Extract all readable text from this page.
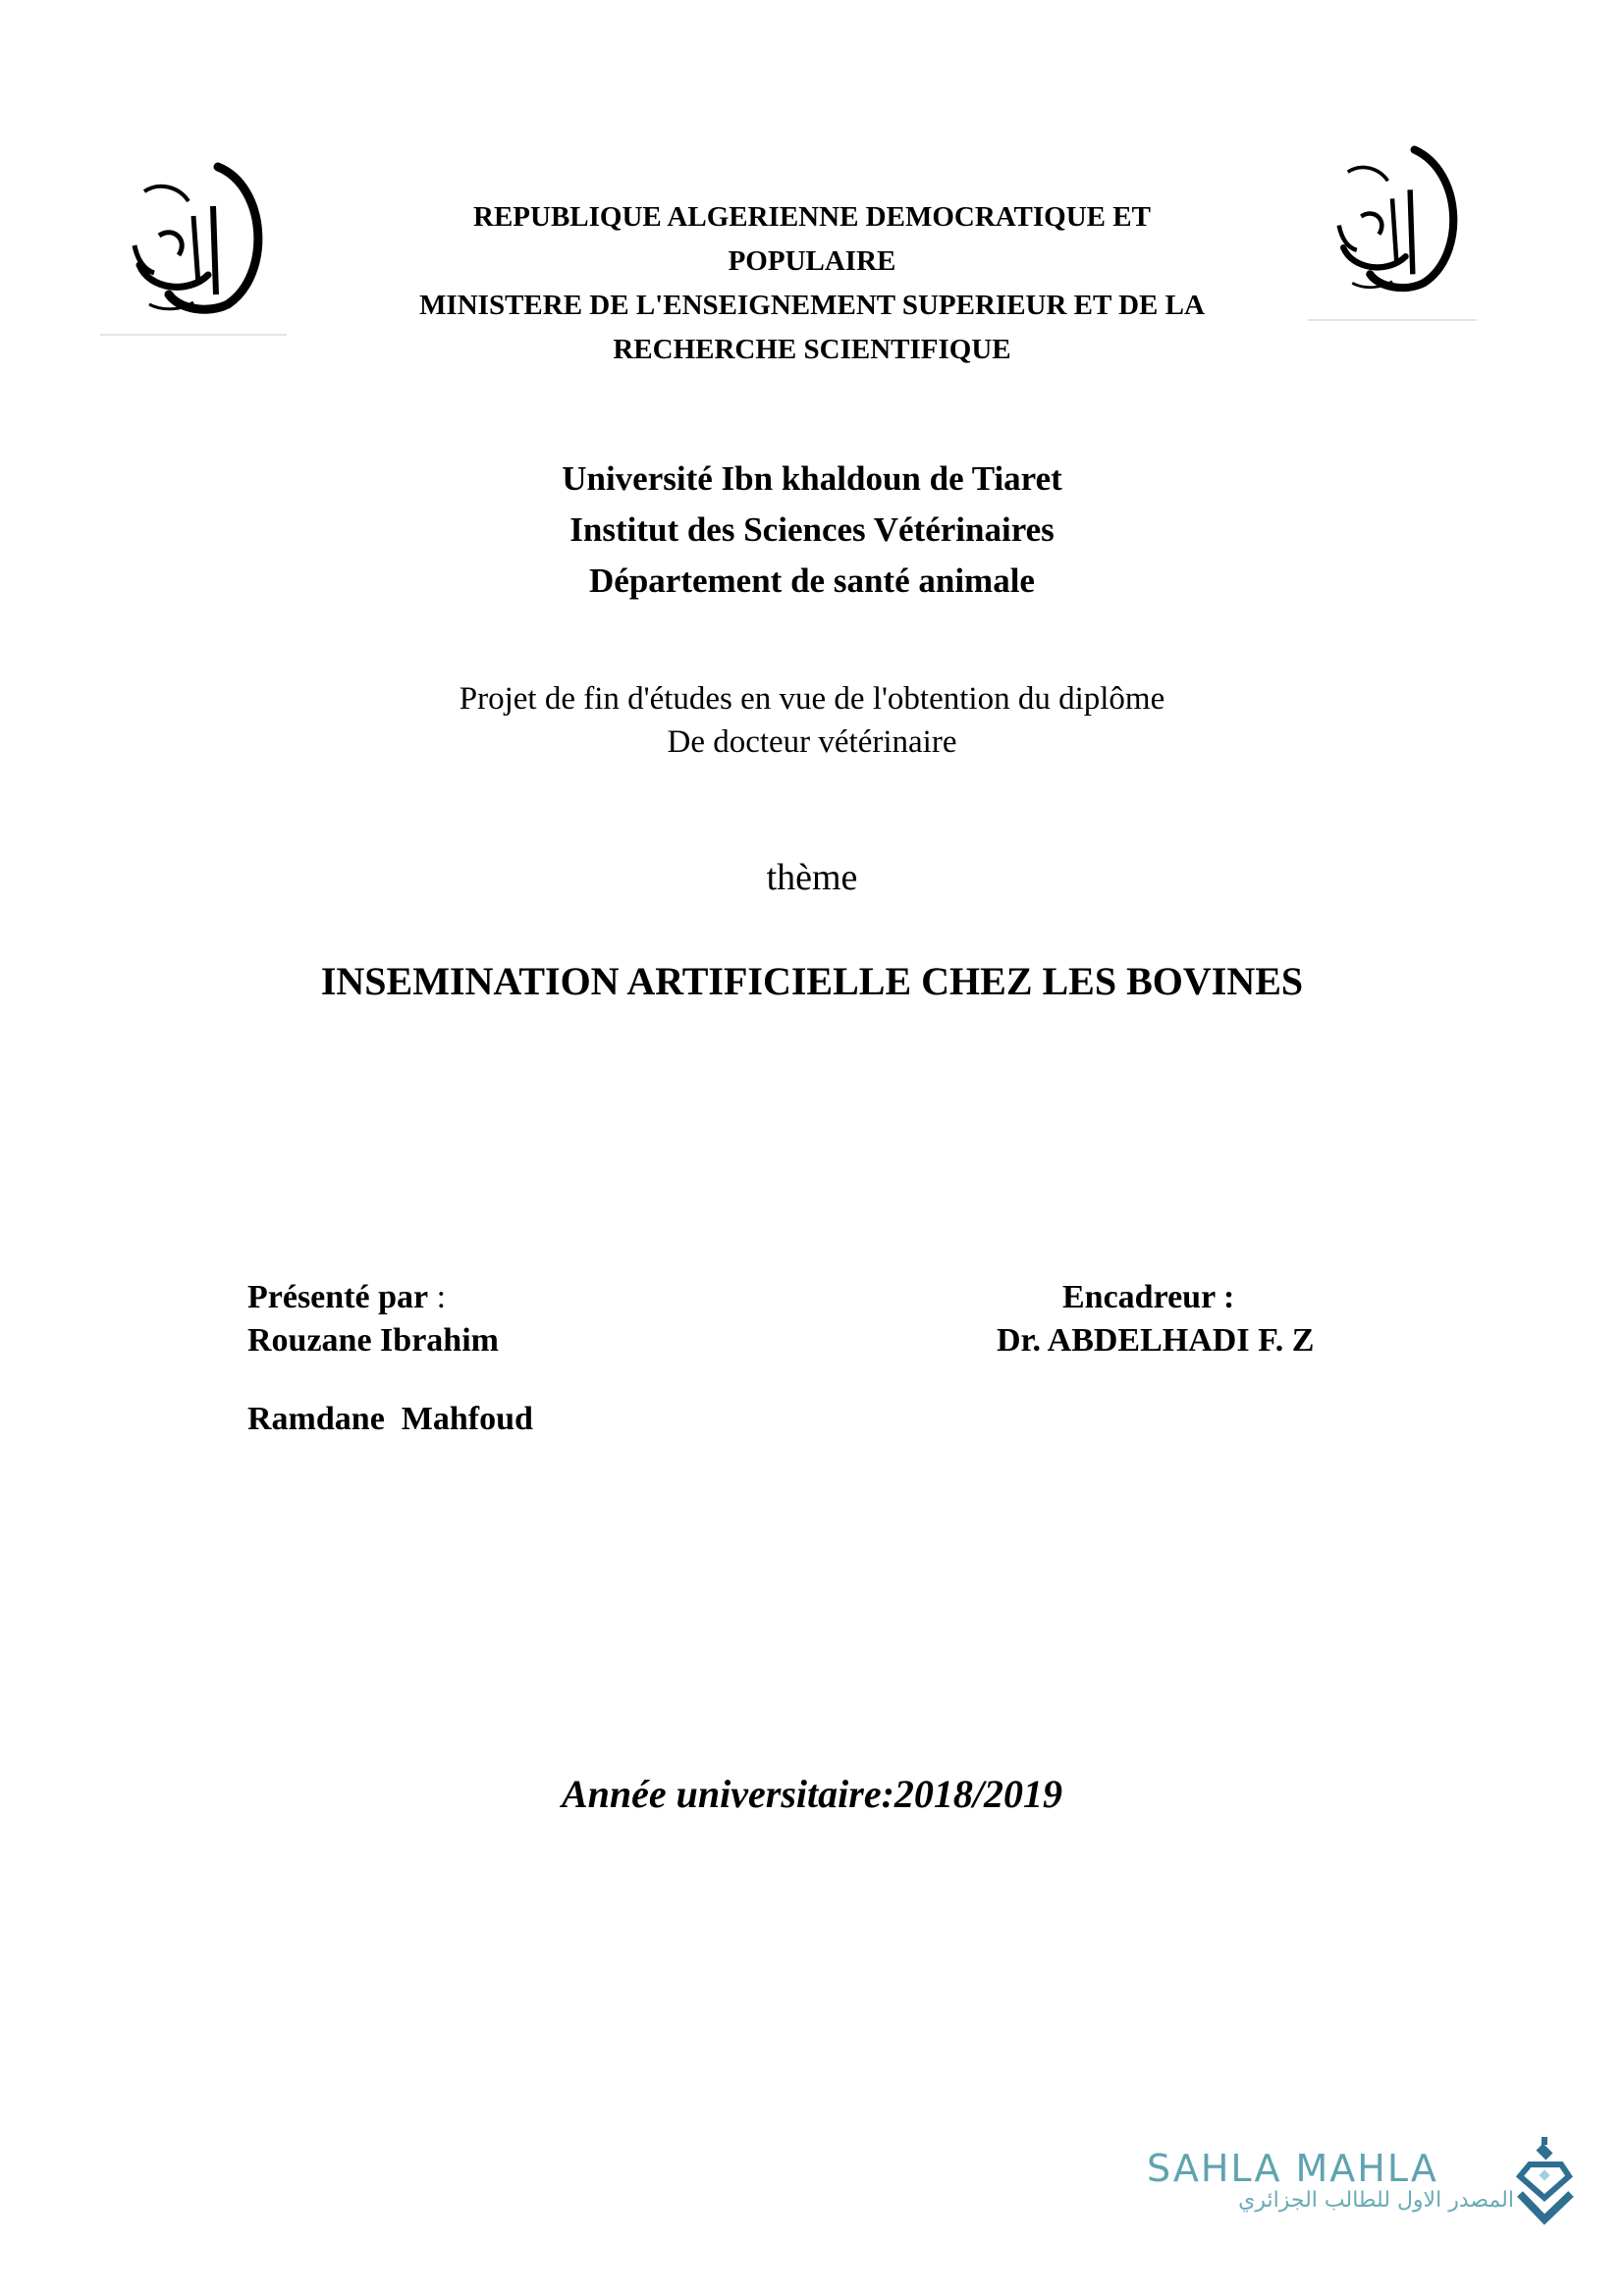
REPUBLIQUE ALGERIENNE DEMOCRATIQUE ET
POPULAIRE
MINISTERE DE L'ENSEIGNEMENT SUPERIEUR ET DE LA
RECHERCHE SCIENTIFIQUE
Université Ibn khaldoun de Tiaret
Institut des Sciences Vétérinaires
Département de santé animale
Projet de fin d'études en vue de l'obtention du diplôme
De docteur vétérinaire
thème
INSEMINATION ARTIFICIELLE CHEZ LES BOVINES
Présenté par :
Rouzane Ibrahim
Ramdane  Mahfoud
Encadreur :
Dr. ABDELHADI F. Z
Année universitaire:2018/2019
SAHLA MAHLA
المصدر الاول للطالب الجزائري
